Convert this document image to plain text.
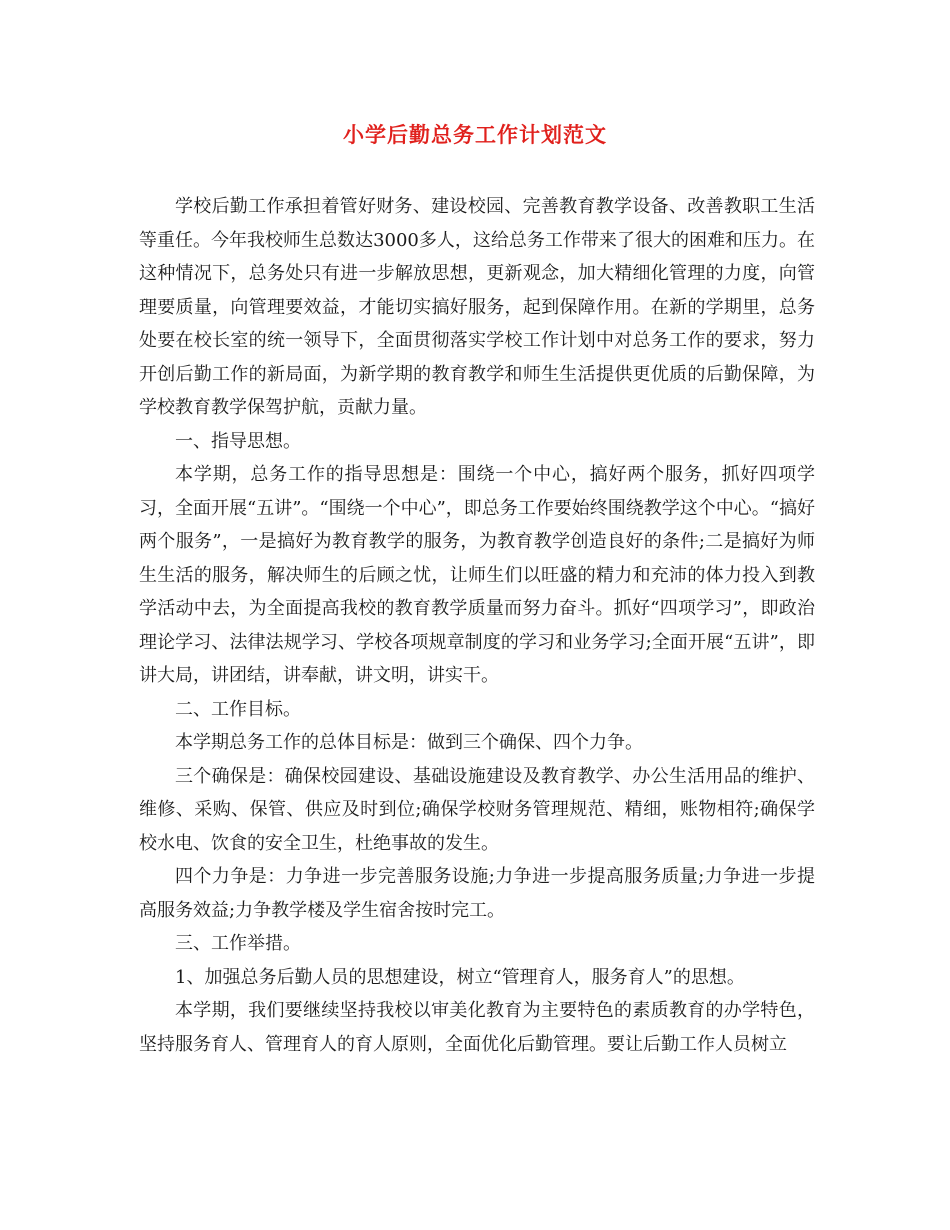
小学后勤总务工作计划范文

学校后勤工作承担着管好财务、建设校园、完善教育教学设备、改善教职工生活等重任。今年我校师生总数达3000多人，这给总务工作带来了很大的困难和压力。在这种情况下，总务处只有进一步解放思想，更新观念，加大精细化管理的力度，向管理要质量，向管理要效益，才能切实搞好服务，起到保障作用。在新的学期里，总务处要在校长室的统一领导下，全面贯彻落实学校工作计划中对总务工作的要求，努力开创后勤工作的新局面，为新学期的教育教学和师生生活提供更优质的后勤保障，为学校教育教学保驾护航，贡献力量。

一、指导思想。

本学期，总务工作的指导思想是：围绕一个中心，搞好两个服务，抓好四项学习，全面开展“五讲”。“围绕一个中心”，即总务工作要始终围绕教学这个中心。“搞好两个服务”，一是搞好为教育教学的服务，为教育教学创造良好的条件;二是搞好为师生生活的服务，解决师生的后顾之忧，让师生们以旺盛的精力和充沛的体力投入到教学活动中去，为全面提高我校的教育教学质量而努力奋斗。抓好“四项学习”，即政治理论学习、法律法规学习、学校各项规章制度的学习和业务学习;全面开展“五讲”，即讲大局，讲团结，讲奉献，讲文明，讲实干。

二、工作目标。

本学期总务工作的总体目标是：做到三个确保、四个力争。

三个确保是：确保校园建设、基础设施建设及教育教学、办公生活用品的维护、维修、采购、保管、供应及时到位;确保学校财务管理规范、精细，账物相符;确保学校水电、饮食的安全卫生，杜绝事故的发生。

四个力争是：力争进一步完善服务设施;力争进一步提高服务质量;力争进一步提高服务效益;力争教学楼及学生宿舍按时完工。

三、工作举措。

1、加强总务后勤人员的思想建设，树立“管理育人，服务育人”的思想。

本学期，我们要继续坚持我校以审美化教育为主要特色的素质教育的办学特色，坚持服务育人、管理育人的育人原则，全面优化后勤管理。要让后勤工作人员树立
